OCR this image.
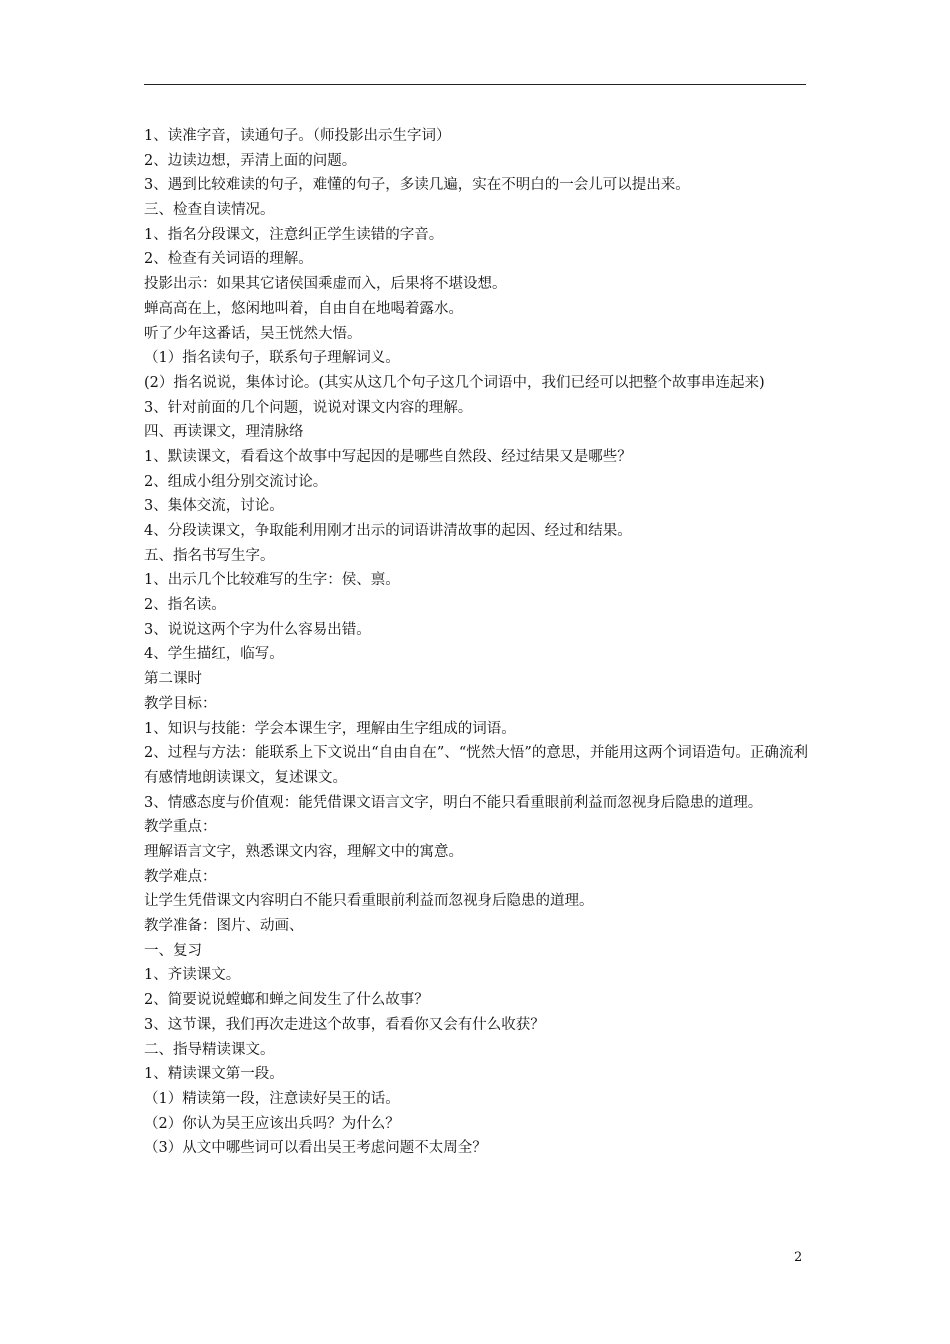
1、读准字音，读通句子。（师投影出示生字词）
2、边读边想，弄清上面的问题。
3、遇到比较难读的句子，难懂的句子，多读几遍，实在不明白的一会儿可以提出来。
三、检查自读情况。
1、指名分段课文，注意纠正学生读错的字音。
2、检查有关词语的理解。
投影出示：如果其它诸侯国乘虚而入，后果将不堪设想。
蝉高高在上，悠闲地叫着，自由自在地喝着露水。
听了少年这番话，吴王恍然大悟。
（1）指名读句子，联系句子理解词义。
(2）指名说说，集体讨论。(其实从这几个句子这几个词语中，我们已经可以把整个故事串连起来)
3、针对前面的几个问题，说说对课文内容的理解。
四、再读课文，理清脉络
1、默读课文，看看这个故事中写起因的是哪些自然段、经过结果又是哪些？
2、组成小组分别交流讨论。
3、集体交流，讨论。
4、分段读课文，争取能利用刚才出示的词语讲清故事的起因、经过和结果。
五、指名书写生字。
1、出示几个比较难写的生字：侯、禀。
2、指名读。
3、说说这两个字为什么容易出错。
4、学生描红，临写。
第二课时
教学目标：
1、知识与技能：学会本课生字，理解由生字组成的词语。
2、过程与方法：能联系上下文说出“自由自在”、“恍然大悟”的意思，并能用这两个词语造句。正确流利有感情地朗读课文，复述课文。
3、情感态度与价值观：能凭借课文语言文字，明白不能只看重眼前利益而忽视身后隐患的道理。
教学重点：
理解语言文字，熟悉课文内容，理解文中的寓意。
教学难点：
让学生凭借课文内容明白不能只看重眼前利益而忽视身后隐患的道理。
教学准备：图片、动画、
一、复习
1、齐读课文。
2、简要说说螳螂和蝉之间发生了什么故事？
3、这节课，我们再次走进这个故事，看看你又会有什么收获？
二、指导精读课文。
1、精读课文第一段。
（1）精读第一段，注意读好吴王的话。
（2）你认为吴王应该出兵吗？为什么？
（3）从文中哪些词可以看出吴王考虑问题不太周全？
2
